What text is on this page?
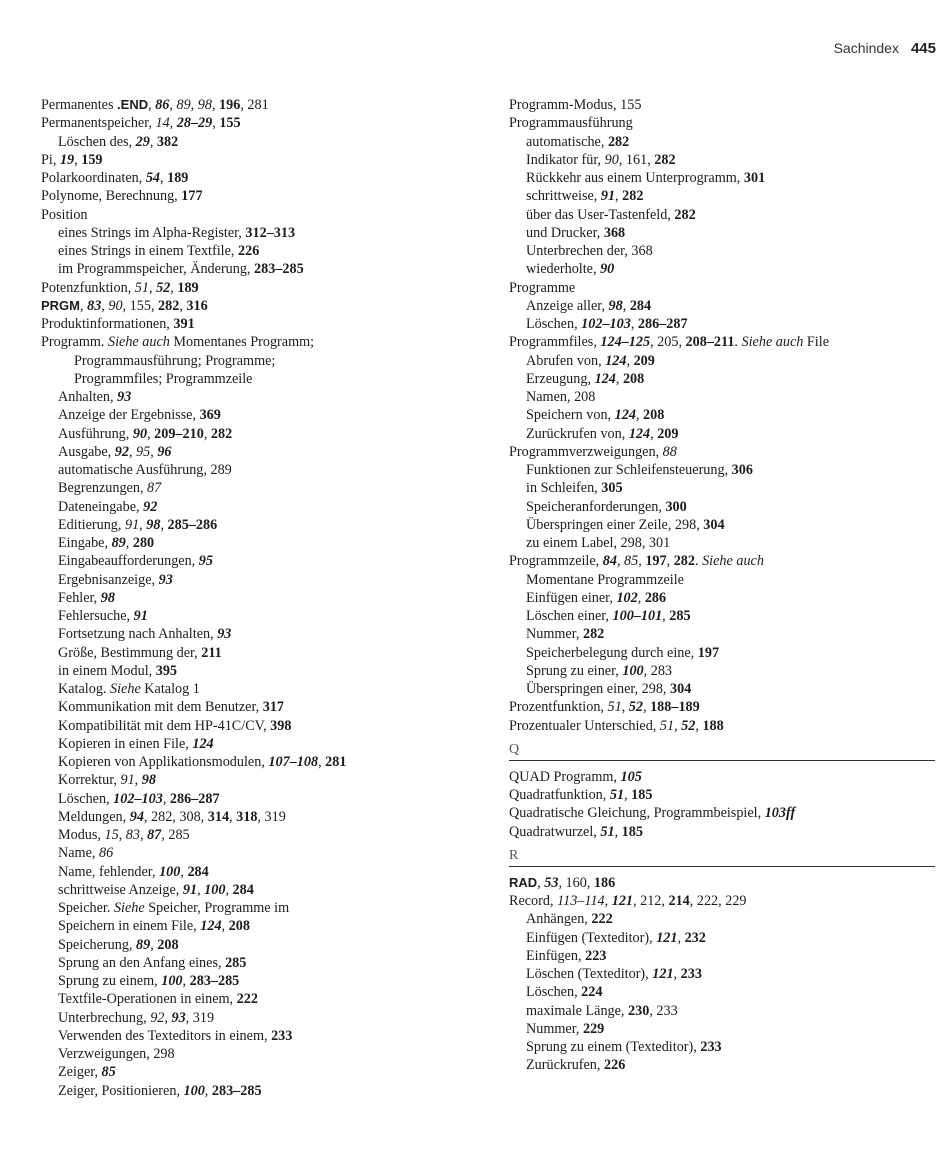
Sachindex 445
Permanentes .END, 86, 89, 98, 196, 281
Permanentspeicher, 14, 28–29, 155
Löschen des, 29, 382
Pi, 19, 159
Polarkoordinaten, 54, 189
Polynome, Berechnung, 177
Position
eines Strings im Alpha-Register, 312–313
eines Strings in einem Textfile, 226
im Programmspeicher, Änderung, 283–285
Potenzfunktion, 51, 52, 189
PRGM, 83, 90, 155, 282, 316
Produktinformationen, 391
Programm. Siehe auch Momentanes Programm;
Programmausführung; Programme;
Programmfiles; Programmzeile
Anhalten, 93
Anzeige der Ergebnisse, 369
Ausführung, 90, 209–210, 282
Ausgabe, 92, 95, 96
automatische Ausführung, 289
Begrenzungen, 87
Dateneingabe, 92
Editierung, 91, 98, 285–286
Eingabe, 89, 280
Eingabeaufforderungen, 95
Ergebnisanzeige, 93
Fehler, 98
Fehlersuche, 91
Fortsetzung nach Anhalten, 93
Größe, Bestimmung der, 211
in einem Modul, 395
Katalog. Siehe Katalog 1
Kommunikation mit dem Benutzer, 317
Kompatibilität mit dem HP-41C/CV, 398
Kopieren in einen File, 124
Kopieren von Applikationsmodulen, 107–108, 281
Korrektur, 91, 98
Löschen, 102–103, 286–287
Meldungen, 94, 282, 308, 314, 318, 319
Modus, 15, 83, 87, 285
Name, 86
Name, fehlender, 100, 284
schrittweise Anzeige, 91, 100, 284
Speicher. Siehe Speicher, Programme im
Speichern in einem File, 124, 208
Speicherung, 89, 208
Sprung an den Anfang eines, 285
Sprung zu einem, 100, 283–285
Textfile-Operationen in einem, 222
Unterbrechung, 92, 93, 319
Verwenden des Texteditors in einem, 233
Verzweigungen, 298
Zeiger, 85
Zeiger, Positionieren, 100, 283–285
Programm-Modus, 155
Programmausführung
automatische, 282
Indikator für, 90, 161, 282
Rückkehr aus einem Unterprogramm, 301
schrittweise, 91, 282
über das User-Tastenfeld, 282
und Drucker, 368
Unterbrechen der, 368
wiederholte, 90
Programme
Anzeige aller, 98, 284
Löschen, 102–103, 286–287
Programmfiles, 124–125, 205, 208–211. Siehe auch File
Abrufen von, 124, 209
Erzeugung, 124, 208
Namen, 208
Speichern von, 124, 208
Zurückrufen von, 124, 209
Programmverzweigungen, 88
Funktionen zur Schleifensteuerung, 306
in Schleifen, 305
Speicheranforderungen, 300
Überspringen einer Zeile, 298, 304
zu einem Label, 298, 301
Programmzeile, 84, 85, 197, 282. Siehe auch
Momentane Programmzeile
Einfügen einer, 102, 286
Löschen einer, 100–101, 285
Nummer, 282
Speicherbelegung durch eine, 197
Sprung zu einer, 100, 283
Überspringen einer, 298, 304
Prozentfunktion, 51, 52, 188–189
Prozentualer Unterschied, 51, 52, 188
Q
QUAD Programm, 105
Quadratfunktion, 51, 185
Quadratische Gleichung, Programmbeispiel, 103ff
Quadratwurzel, 51, 185
R
RAD, 53, 160, 186
Record, 113–114, 121, 212, 214, 222, 229
Anhängen, 222
Einfügen (Texteditor), 121, 232
Einfügen, 223
Löschen (Texteditor), 121, 233
Löschen, 224
maximale Länge, 230, 233
Nummer, 229
Sprung zu einem (Texteditor), 233
Zurückrufen, 226
